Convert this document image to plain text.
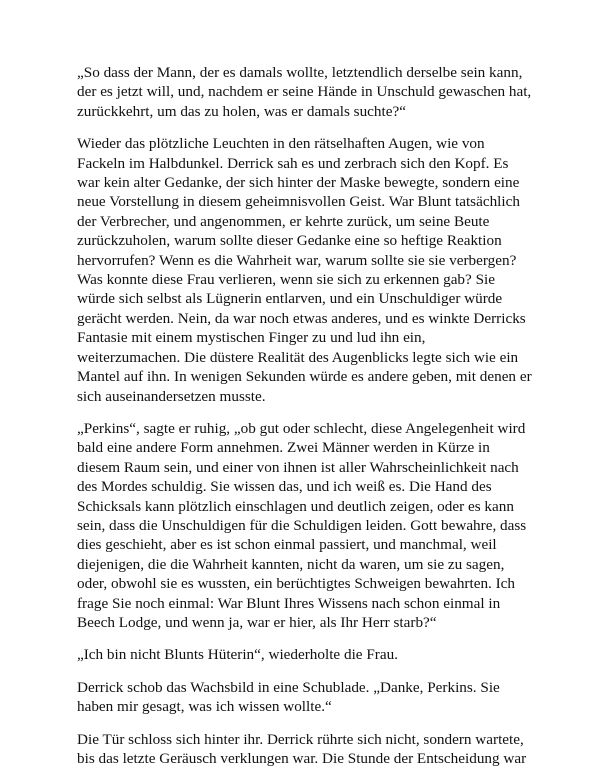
„So dass der Mann, der es damals wollte, letztendlich derselbe sein kann, der es jetzt will, und, nachdem er seine Hände in Unschuld gewaschen hat, zurückkehrt, um das zu holen, was er damals suchte?“

Wieder das plötzliche Leuchten in den rätselhaften Augen, wie von Fackeln im Halbdunkel. Derrick sah es und zerbrach sich den Kopf. Es war kein alter Gedanke, der sich hinter der Maske bewegte, sondern eine neue Vorstellung in diesem geheimnisvollen Geist. War Blunt tatsächlich der Verbrecher, und angenommen, er kehrte zurück, um seine Beute zurückzuholen, warum sollte dieser Gedanke eine so heftige Reaktion hervorrufen? Wenn es die Wahrheit war, warum sollte sie sie verbergen? Was konnte diese Frau verlieren, wenn sie sich zu erkennen gab? Sie würde sich selbst als Lügnerin entlarven, und ein Unschuldiger würde gerächt werden. Nein, da war noch etwas anderes, und es winkte Derricks Fantasie mit einem mystischen Finger zu und lud ihn ein, weiterzumachen. Die düstere Realität des Augenblicks legte sich wie ein Mantel auf ihn. In wenigen Sekunden würde es andere geben, mit denen er sich auseinandersetzen musste.

„Perkins“, sagte er ruhig, „ob gut oder schlecht, diese Angelegenheit wird bald eine andere Form annehmen. Zwei Männer werden in Kürze in diesem Raum sein, und einer von ihnen ist aller Wahrscheinlichkeit nach des Mordes schuldig. Sie wissen das, und ich weiß es. Die Hand des Schicksals kann plötzlich einschlagen und deutlich zeigen, oder es kann sein, dass die Unschuldigen für die Schuldigen leiden. Gott bewahre, dass dies geschieht, aber es ist schon einmal passiert, und manchmal, weil diejenigen, die die Wahrheit kannten, nicht da waren, um sie zu sagen, oder, obwohl sie es wussten, ein berüchtigtes Schweigen bewahrten. Ich frage Sie noch einmal: War Blunt Ihres Wissens nach schon einmal in Beech Lodge, und wenn ja, war er hier, als Ihr Herr starb?“

„Ich bin nicht Blunts Hüterin“, wiederholte die Frau.

Derrick schob das Wachsbild in eine Schublade. „Danke, Perkins. Sie haben mir gesagt, was ich wissen wollte.“

Die Tür schloss sich hinter ihr. Derrick rührte sich nicht, sondern wartete, bis das letzte Geräusch verklungen war. Die Stunde der Entscheidung war
